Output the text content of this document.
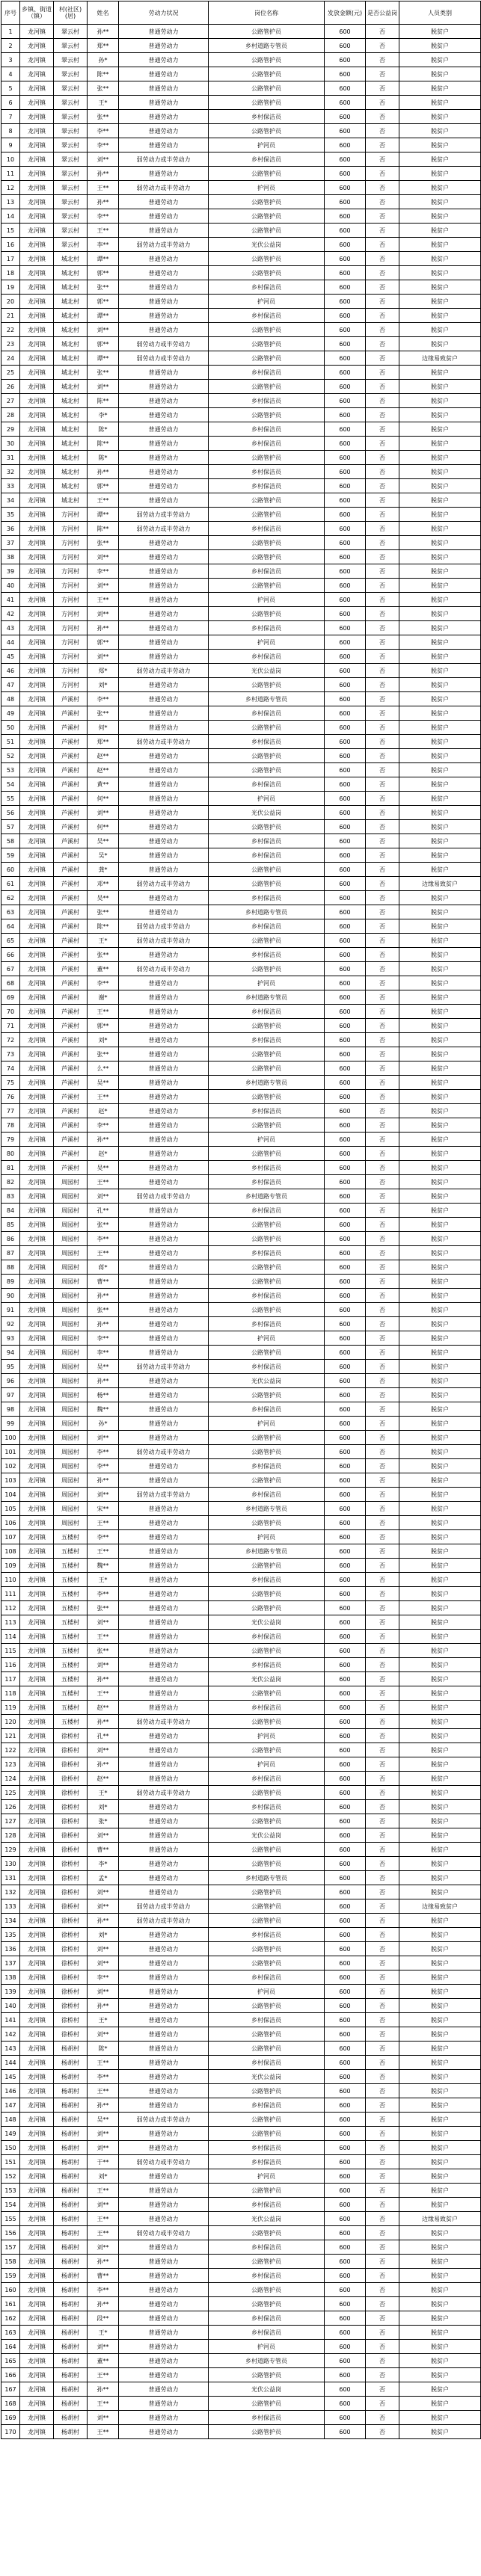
序号	乡镇、街道（镇）	村(社区)(居)	姓名	劳动力状况	岗位名称	发放金额(元)	是否公益岗	人员类别
1	龙河镇	翠云村	孙**	普通劳动力	公路管护员	600	否	脱贫户
2	龙河镇	翠云村	郑**	普通劳动力	乡村道路专管员	600	否	脱贫户
3	龙河镇	翠云村	孙*	普通劳动力	公路管护员	600	否	脱贫户
4	龙河镇	翠云村	陈**	普通劳动力	公路管护员	600	否	脱贫户
5	龙河镇	翠云村	张**	普通劳动力	公路管护员	600	否	脱贫户
6	龙河镇	翠云村	王*	普通劳动力	公路管护员	600	否	脱贫户
7	龙河镇	翠云村	张**	普通劳动力	乡村保洁员	600	否	脱贫户
8	龙河镇	翠云村	李**	普通劳动力	公路管护员	600	否	脱贫户
9	龙河镇	翠云村	李**	普通劳动力	护河员	600	否	脱贫户
10	龙河镇	翠云村	刘**	弱劳动力或半劳动力	乡村保洁员	600	否	脱贫户
11	龙河镇	翠云村	孙**	普通劳动力	公路管护员	600	否	脱贫户
12	龙河镇	翠云村	王**	弱劳动力或半劳动力	护河员	600	否	脱贫户
13	龙河镇	翠云村	孙**	普通劳动力	公路管护员	600	否	脱贫户
14	龙河镇	翠云村	李**	普通劳动力	公路管护员	600	否	脱贫户
15	龙河镇	翠云村	王**	普通劳动力	公路管护员	600	否	脱贫户
16	龙河镇	翠云村	李**	弱劳动力或半劳动力	光伏公益岗	600	否	脱贫户
17	龙河镇	城北村	谭**	普通劳动力	公路管护员	600	否	脱贫户
18	龙河镇	城北村	郭**	普通劳动力	公路管护员	600	否	脱贫户
19	龙河镇	城北村	张**	普通劳动力	乡村保洁员	600	否	脱贫户
20	龙河镇	城北村	郭**	普通劳动力	护河员	600	否	脱贫户
21	龙河镇	城北村	谭**	普通劳动力	乡村保洁员	600	否	脱贫户
22	龙河镇	城北村	刘**	普通劳动力	公路管护员	600	否	脱贫户
23	龙河镇	城北村	郭**	弱劳动力或半劳动力	公路管护员	600	否	脱贫户
24	龙河镇	城北村	谭**	弱劳动力或半劳动力	公路管护员	600	否	边缘易致贫户
25	龙河镇	城北村	张**	普通劳动力	乡村保洁员	600	否	脱贫户
26	龙河镇	城北村	刘**	普通劳动力	公路管护员	600	否	脱贫户
27	龙河镇	城北村	陈**	普通劳动力	乡村保洁员	600	否	脱贫户
28	龙河镇	城北村	李*	普通劳动力	公路管护员	600	否	脱贫户
29	龙河镇	城北村	陈*	普通劳动力	乡村保洁员	600	否	脱贫户
30	龙河镇	城北村	陈**	普通劳动力	乡村保洁员	600	否	脱贫户
31	龙河镇	城北村	陈*	普通劳动力	公路管护员	600	否	脱贫户
32	龙河镇	城北村	孙**	普通劳动力	乡村保洁员	600	否	脱贫户
33	龙河镇	城北村	郭**	普通劳动力	乡村保洁员	600	否	脱贫户
34	龙河镇	城北村	王**	普通劳动力	公路管护员	600	否	脱贫户
35	龙河镇	方河村	谭**	弱劳动力或半劳动力	公路管护员	600	否	脱贫户
36	龙河镇	方河村	陈**	弱劳动力或半劳动力	乡村保洁员	600	否	脱贫户
37	龙河镇	方河村	张**	普通劳动力	公路管护员	600	否	脱贫户
38	龙河镇	方河村	刘**	普通劳动力	公路管护员	600	否	脱贫户
39	龙河镇	方河村	李**	普通劳动力	乡村保洁员	600	否	脱贫户
40	龙河镇	方河村	刘**	普通劳动力	公路管护员	600	否	脱贫户
41	龙河镇	方河村	王**	普通劳动力	护河员	600	否	脱贫户
42	龙河镇	方河村	刘**	普通劳动力	公路管护员	600	否	脱贫户
43	龙河镇	方河村	孙**	普通劳动力	乡村保洁员	600	否	脱贫户
44	龙河镇	方河村	郭**	普通劳动力	护河员	600	否	脱贫户
45	龙河镇	方河村	刘**	普通劳动力	乡村保洁员	600	否	脱贫户
46	龙河镇	方河村	郑*	弱劳动力或半劳动力	光伏公益岗	600	否	脱贫户
47	龙河镇	方河村	刘*	普通劳动力	公路管护员	600	否	脱贫户
48	龙河镇	芦溪村	李**	普通劳动力	乡村道路专管员	600	否	脱贫户
49	龙河镇	芦溪村	张**	普通劳动力	乡村保洁员	600	否	脱贫户
50	龙河镇	芦溪村	何*	普通劳动力	公路管护员	600	否	脱贫户
51	龙河镇	芦溪村	郑**	弱劳动力或半劳动力	乡村保洁员	600	否	脱贫户
52	龙河镇	芦溪村	赵**	普通劳动力	公路管护员	600	否	脱贫户
53	龙河镇	芦溪村	赵**	普通劳动力	公路管护员	600	否	脱贫户
54	龙河镇	芦溪村	黄**	普通劳动力	乡村保洁员	600	否	脱贫户
55	龙河镇	芦溪村	何**	普通劳动力	护河员	600	否	脱贫户
56	龙河镇	芦溪村	刘**	普通劳动力	光伏公益岗	600	否	脱贫户
57	龙河镇	芦溪村	何**	普通劳动力	公路管护员	600	否	脱贫户
58	龙河镇	芦溪村	吴**	普通劳动力	乡村保洁员	600	否	脱贫户
59	龙河镇	芦溪村	吴*	普通劳动力	乡村保洁员	600	否	脱贫户
60	龙河镇	芦溪村	龚*	普通劳动力	公路管护员	600	否	脱贫户
61	龙河镇	芦溪村	邓**	弱劳动力或半劳动力	公路管护员	600	否	边缘易致贫户
62	龙河镇	芦溪村	吴**	普通劳动力	乡村保洁员	600	否	脱贫户
63	龙河镇	芦溪村	张**	普通劳动力	乡村道路专管员	600	否	脱贫户
64	龙河镇	芦溪村	陈**	弱劳动力或半劳动力	乡村保洁员	600	否	脱贫户
65	龙河镇	芦溪村	王*	弱劳动力或半劳动力	公路管护员	600	否	脱贫户
66	龙河镇	芦溪村	张**	普通劳动力	乡村保洁员	600	否	脱贫户
67	龙河镇	芦溪村	董**	弱劳动力或半劳动力	公路管护员	600	否	脱贫户
68	龙河镇	芦溪村	李**	普通劳动力	护河员	600	否	脱贫户
69	龙河镇	芦溪村	谢*	普通劳动力	乡村道路专管员	600	否	脱贫户
70	龙河镇	芦溪村	王**	普通劳动力	乡村保洁员	600	否	脱贫户
71	龙河镇	芦溪村	郭**	普通劳动力	公路管护员	600	否	脱贫户
72	龙河镇	芦溪村	刘*	普通劳动力	乡村保洁员	600	否	脱贫户
73	龙河镇	芦溪村	张**	普通劳动力	公路管护员	600	否	脱贫户
74	龙河镇	芦溪村	么**	普通劳动力	公路管护员	600	否	脱贫户
75	龙河镇	芦溪村	吴**	普通劳动力	乡村道路专管员	600	否	脱贫户
76	龙河镇	芦溪村	王**	普通劳动力	公路管护员	600	否	脱贫户
77	龙河镇	芦溪村	赵*	普通劳动力	乡村保洁员	600	否	脱贫户
78	龙河镇	芦溪村	李**	普通劳动力	公路管护员	600	否	脱贫户
79	龙河镇	芦溪村	孙**	普通劳动力	护河员	600	否	脱贫户
80	龙河镇	芦溪村	赵*	普通劳动力	公路管护员	600	否	脱贫户
81	龙河镇	芦溪村	吴**	普通劳动力	乡村保洁员	600	否	脱贫户
82	龙河镇	周园村	王**	普通劳动力	乡村保洁员	600	否	脱贫户
83	龙河镇	周园村	刘**	弱劳动力或半劳动力	乡村道路专管员	600	否	脱贫户
84	龙河镇	周园村	孔**	普通劳动力	乡村保洁员	600	否	脱贫户
85	龙河镇	周园村	张**	普通劳动力	公路管护员	600	否	脱贫户
86	龙河镇	周园村	李**	普通劳动力	公路管护员	600	否	脱贫户
87	龙河镇	周园村	王**	普通劳动力	乡村保洁员	600	否	脱贫户
88	龙河镇	周园村	蒋*	普通劳动力	公路管护员	600	否	脱贫户
89	龙河镇	周园村	曹**	普通劳动力	公路管护员	600	否	脱贫户
90	龙河镇	周园村	孙**	普通劳动力	乡村保洁员	600	否	脱贫户
91	龙河镇	周园村	张**	普通劳动力	公路管护员	600	否	脱贫户
92	龙河镇	周园村	孙**	普通劳动力	乡村保洁员	600	否	脱贫户
93	龙河镇	周园村	李**	普通劳动力	护河员	600	否	脱贫户
94	龙河镇	周园村	李**	普通劳动力	公路管护员	600	否	脱贫户
95	龙河镇	周园村	吴**	弱劳动力或半劳动力	乡村保洁员	600	否	脱贫户
96	龙河镇	周园村	孙**	普通劳动力	光伏公益岗	600	否	脱贫户
97	龙河镇	周园村	杨**	普通劳动力	公路管护员	600	否	脱贫户
98	龙河镇	周园村	魏**	普通劳动力	乡村保洁员	600	否	脱贫户
99	龙河镇	周园村	孙*	普通劳动力	护河员	600	否	脱贫户
100	龙河镇	周园村	刘**	普通劳动力	公路管护员	600	否	脱贫户
101	龙河镇	周园村	李**	弱劳动力或半劳动力	公路管护员	600	否	脱贫户
102	龙河镇	周园村	李**	普通劳动力	乡村保洁员	600	否	脱贫户
103	龙河镇	周园村	孙**	普通劳动力	公路管护员	600	否	脱贫户
104	龙河镇	周园村	刘**	弱劳动力或半劳动力	乡村保洁员	600	否	脱贫户
105	龙河镇	周园村	宋**	普通劳动力	乡村道路专管员	600	否	脱贫户
106	龙河镇	周园村	王**	普通劳动力	公路管护员	600	否	脱贫户
107	龙河镇	五楼村	李**	普通劳动力	护河员	600	否	脱贫户
108	龙河镇	五楼村	王**	普通劳动力	乡村道路专管员	600	否	脱贫户
109	龙河镇	五楼村	魏**	普通劳动力	公路管护员	600	否	脱贫户
110	龙河镇	五楼村	王*	普通劳动力	乡村保洁员	600	否	脱贫户
111	龙河镇	五楼村	李**	普通劳动力	公路管护员	600	否	脱贫户
112	龙河镇	五楼村	张**	普通劳动力	公路管护员	600	否	脱贫户
113	龙河镇	五楼村	刘**	普通劳动力	光伏公益岗	600	否	脱贫户
114	龙河镇	五楼村	王**	普通劳动力	乡村保洁员	600	否	脱贫户
115	龙河镇	五楼村	张**	普通劳动力	公路管护员	600	否	脱贫户
116	龙河镇	五楼村	刘**	普通劳动力	乡村保洁员	600	否	脱贫户
117	龙河镇	五楼村	孙**	普通劳动力	光伏公益岗	600	否	脱贫户
118	龙河镇	五楼村	王**	普通劳动力	公路管护员	600	否	脱贫户
119	龙河镇	五楼村	赵**	普通劳动力	乡村保洁员	600	否	脱贫户
120	龙河镇	五楼村	孙**	弱劳动力或半劳动力	公路管护员	600	否	脱贫户
121	龙河镇	徐桥村	孔**	普通劳动力	护河员	600	否	脱贫户
122	龙河镇	徐桥村	刘**	普通劳动力	公路管护员	600	否	脱贫户
123	龙河镇	徐桥村	孙**	普通劳动力	护河员	600	否	脱贫户
124	龙河镇	徐桥村	赵**	普通劳动力	乡村保洁员	600	否	脱贫户
125	龙河镇	徐桥村	王*	弱劳动力或半劳动力	公路管护员	600	否	脱贫户
126	龙河镇	徐桥村	刘*	普通劳动力	乡村保洁员	600	否	脱贫户
127	龙河镇	徐桥村	张*	普通劳动力	公路管护员	600	否	脱贫户
128	龙河镇	徐桥村	刘**	普通劳动力	光伏公益岗	600	否	脱贫户
129	龙河镇	徐桥村	曹**	普通劳动力	公路管护员	600	否	脱贫户
130	龙河镇	徐桥村	李*	普通劳动力	公路管护员	600	否	脱贫户
131	龙河镇	徐桥村	孟*	普通劳动力	乡村道路专管员	600	否	脱贫户
132	龙河镇	徐桥村	刘**	普通劳动力	公路管护员	600	否	脱贫户
133	龙河镇	徐桥村	刘**	弱劳动力或半劳动力	公路管护员	600	否	边缘易致贫户
134	龙河镇	徐桥村	孙**	弱劳动力或半劳动力	公路管护员	600	否	脱贫户
135	龙河镇	徐桥村	刘*	普通劳动力	乡村保洁员	600	否	脱贫户
136	龙河镇	徐桥村	刘**	普通劳动力	公路管护员	600	否	脱贫户
137	龙河镇	徐桥村	刘**	普通劳动力	公路管护员	600	否	脱贫户
138	龙河镇	徐桥村	李**	普通劳动力	乡村保洁员	600	否	脱贫户
139	龙河镇	徐桥村	刘**	普通劳动力	护河员	600	否	脱贫户
140	龙河镇	徐桥村	孙**	普通劳动力	公路管护员	600	否	脱贫户
141	龙河镇	徐桥村	王*	普通劳动力	乡村保洁员	600	否	脱贫户
142	龙河镇	徐桥村	刘**	普通劳动力	公路管护员	600	否	脱贫户
143	龙河镇	杨胡村	陈*	普通劳动力	公路管护员	600	否	脱贫户
144	龙河镇	杨胡村	王**	普通劳动力	乡村保洁员	600	否	脱贫户
145	龙河镇	杨胡村	李**	普通劳动力	光伏公益岗	600	否	脱贫户
146	龙河镇	杨胡村	王**	普通劳动力	公路管护员	600	否	脱贫户
147	龙河镇	杨胡村	孙**	普通劳动力	乡村保洁员	600	否	脱贫户
148	龙河镇	杨胡村	吴**	弱劳动力或半劳动力	公路管护员	600	否	脱贫户
149	龙河镇	杨胡村	刘**	普通劳动力	公路管护员	600	否	脱贫户
150	龙河镇	杨胡村	刘**	普通劳动力	乡村保洁员	600	否	脱贫户
151	龙河镇	杨胡村	于**	弱劳动力或半劳动力	乡村保洁员	600	否	脱贫户
152	龙河镇	杨胡村	刘*	普通劳动力	护河员	600	否	脱贫户
153	龙河镇	杨胡村	王**	普通劳动力	公路管护员	600	否	脱贫户
154	龙河镇	杨胡村	刘**	普通劳动力	乡村保洁员	600	否	脱贫户
155	龙河镇	杨胡村	王**	普通劳动力	光伏公益岗	600	否	边缘易致贫户
156	龙河镇	杨胡村	王**	弱劳动力或半劳动力	公路管护员	600	否	脱贫户
157	龙河镇	杨胡村	刘**	普通劳动力	乡村保洁员	600	否	脱贫户
158	龙河镇	杨胡村	孙**	普通劳动力	公路管护员	600	否	脱贫户
159	龙河镇	杨胡村	曹**	普通劳动力	乡村保洁员	600	否	脱贫户
160	龙河镇	杨胡村	李**	普通劳动力	公路管护员	600	否	脱贫户
161	龙河镇	杨胡村	孙**	普通劳动力	公路管护员	600	否	脱贫户
162	龙河镇	杨胡村	段**	普通劳动力	乡村保洁员	600	否	脱贫户
163	龙河镇	杨胡村	王*	普通劳动力	乡村保洁员	600	否	脱贫户
164	龙河镇	杨胡村	刘**	普通劳动力	护河员	600	否	脱贫户
165	龙河镇	杨胡村	董**	普通劳动力	乡村道路专管员	600	否	脱贫户
166	龙河镇	杨胡村	王**	普通劳动力	公路管护员	600	否	脱贫户
167	龙河镇	杨胡村	孙**	普通劳动力	光伏公益岗	600	否	脱贫户
168	龙河镇	杨胡村	王**	普通劳动力	公路管护员	600	否	脱贫户
169	龙河镇	杨胡村	刘**	普通劳动力	乡村保洁员	600	否	脱贫户
170	龙河镇	杨胡村	王**	普通劳动力	公路管护员	600	否	脱贫户
